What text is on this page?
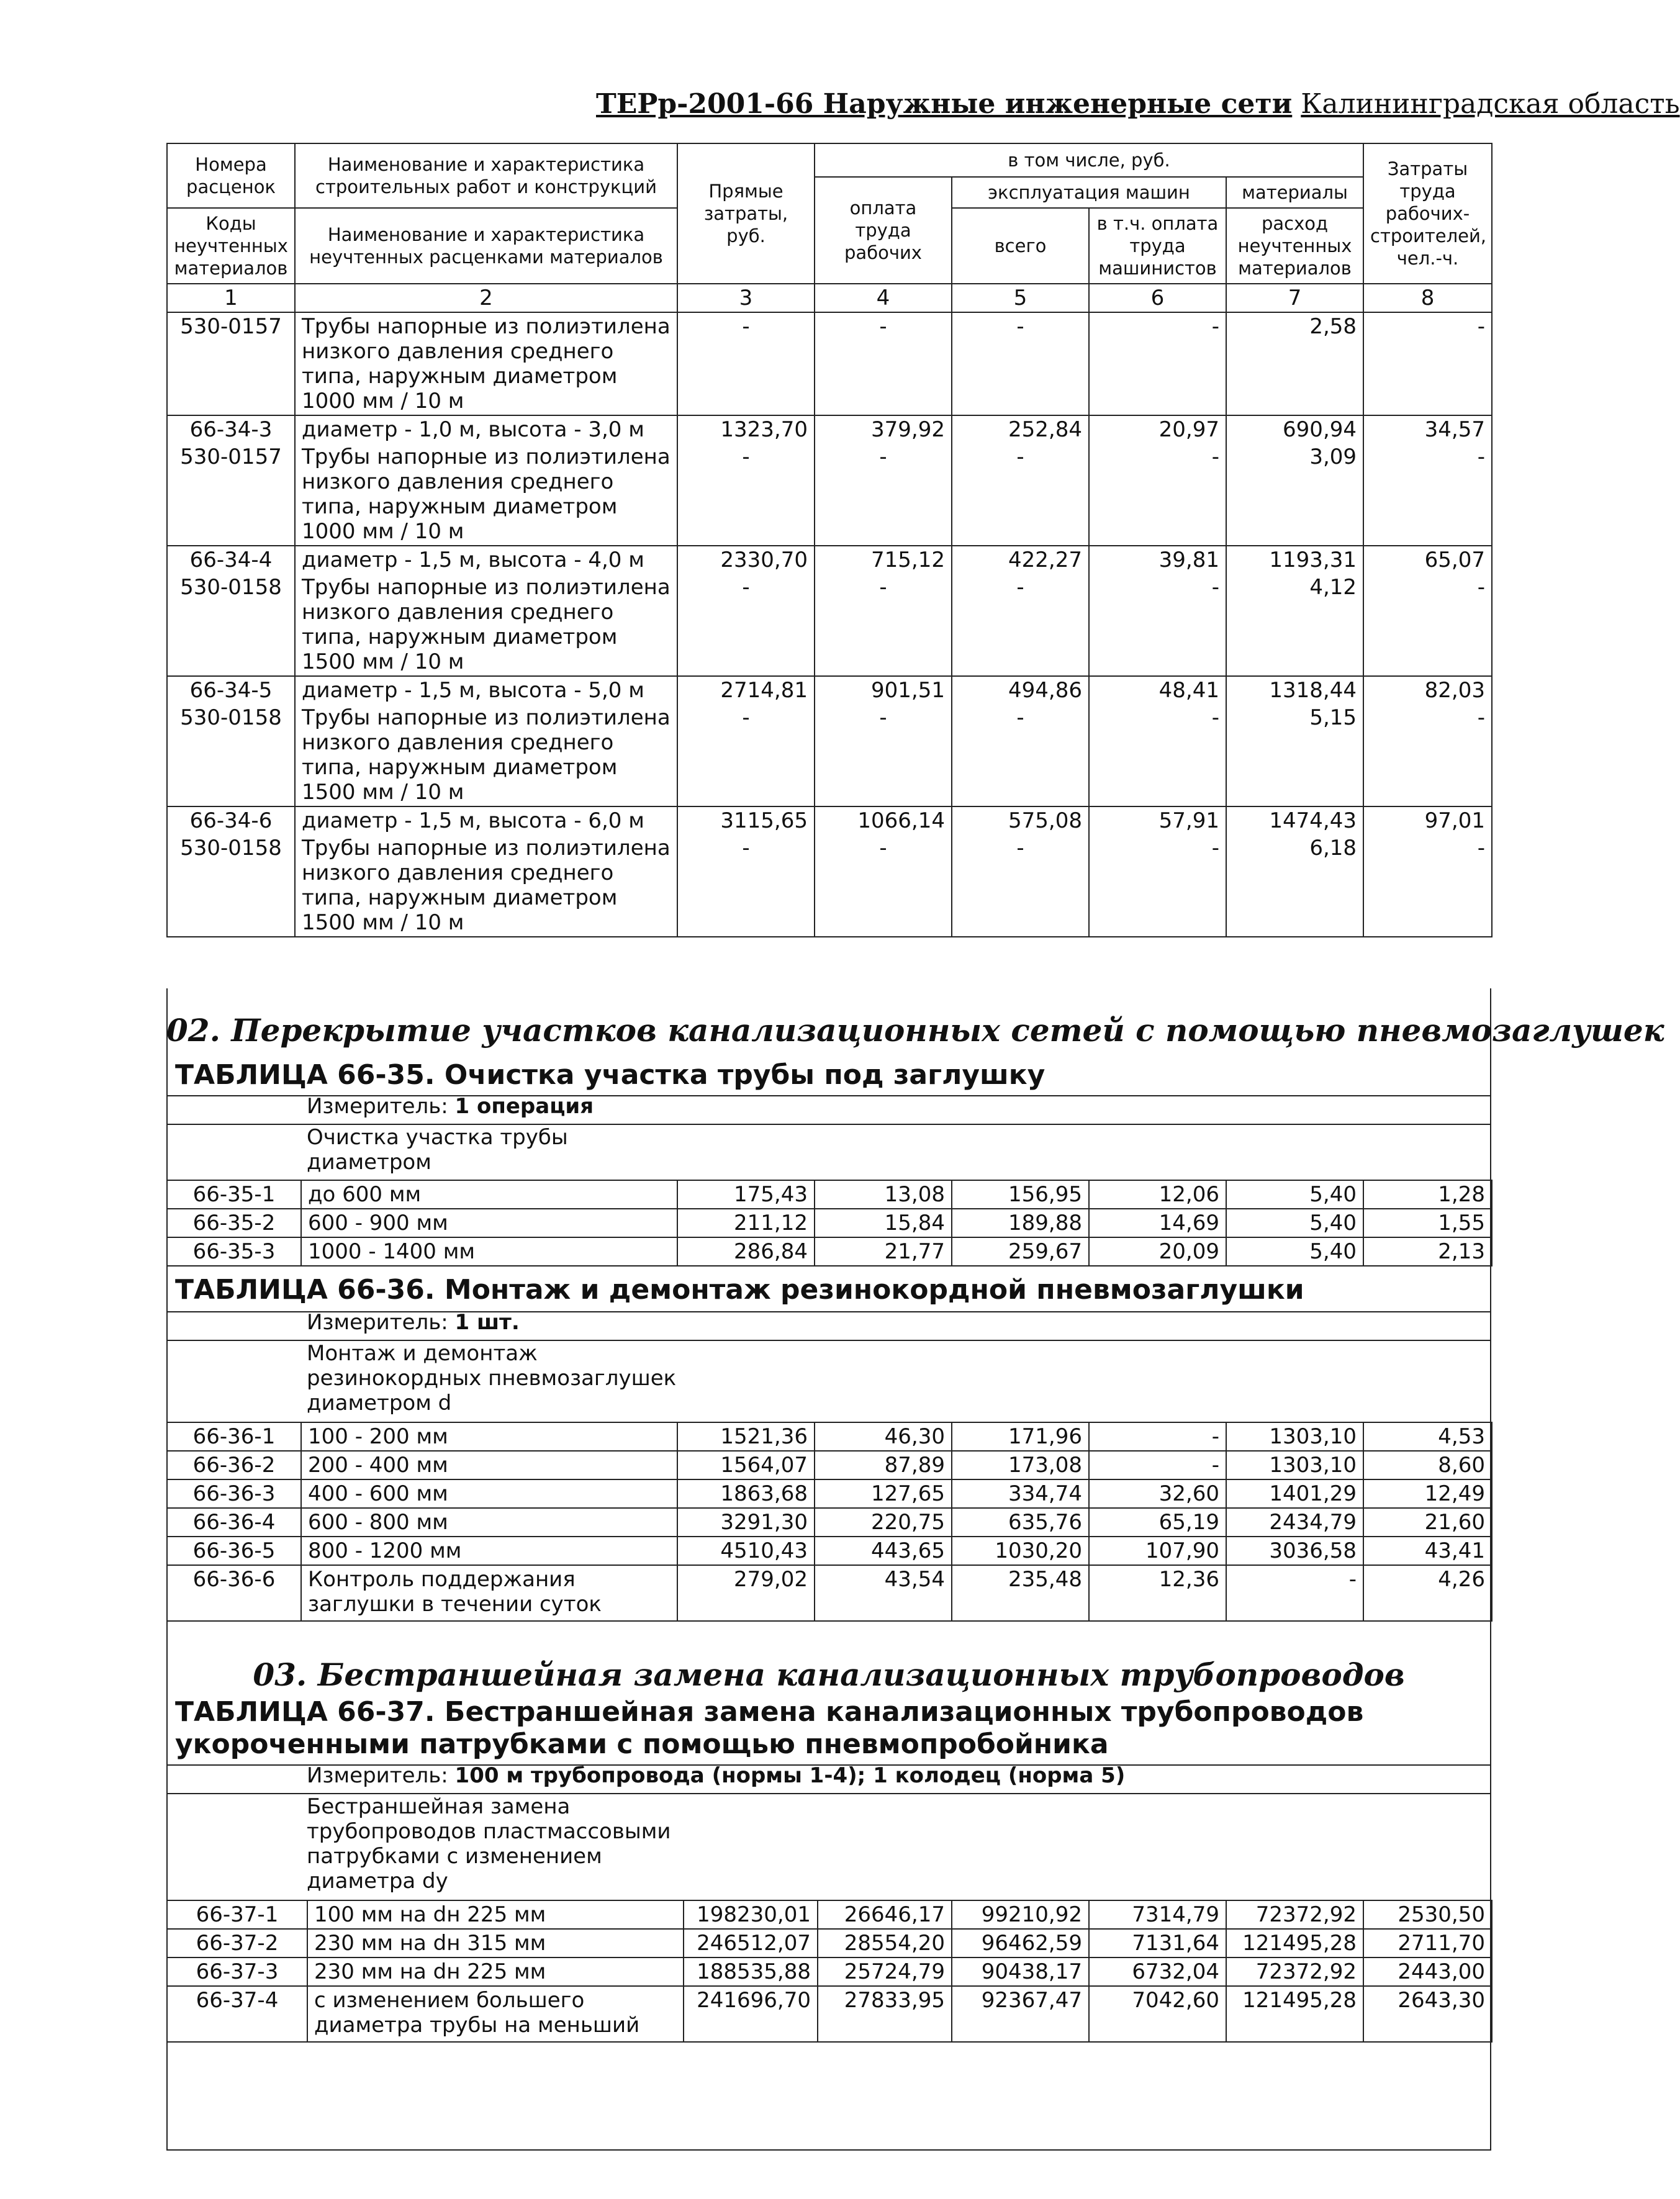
ТЕРр-2001-66 Наружные инженерные сети Калининградская область
Номера расценок	Наименование и характеристика строительных работ и конструкций	Прямые затраты, руб.	в том числе, руб.				Затраты труда рабочих-строителей, чел.-ч.
			оплата труда рабочих	эксплуатация машин		материалы	
Коды неучтенных материалов	Наименование и характеристика неучтенных расценками материалов			всего	в т.ч. оплата труда машинистов	расход неучтенных материалов	

1	2	3	4	5	6	7	8
530-0157	Трубы напорные из полиэтилена низкого давления среднего типа, наружным диаметром 1000 мм / 10 м	-	-	-	-	2,58	-
66-34-3	диаметр - 1,0 м, высота - 3,0 м	1323,70	379,92	252,84	20,97	690,94	34,57
530-0157	Трубы напорные из полиэтилена низкого давления среднего типа, наружным диаметром 1000 мм / 10 м	-	-	-	-	3,09	-
66-34-4	диаметр - 1,5 м, высота - 4,0 м	2330,70	715,12	422,27	39,81	1193,31	65,07
530-0158	Трубы напорные из полиэтилена низкого давления среднего типа, наружным диаметром 1500 мм / 10 м	-	-	-	-	4,12	-
66-34-5	диаметр - 1,5 м, высота - 5,0 м	2714,81	901,51	494,86	48,41	1318,44	82,03
530-0158	Трубы напорные из полиэтилена низкого давления среднего типа, наружным диаметром 1500 мм / 10 м	-	-	-	-	5,15	-
66-34-6	диаметр - 1,5 м, высота - 6,0 м	3115,65	1066,14	575,08	57,91	1474,43	97,01
530-0158	Трубы напорные из полиэтилена низкого давления среднего типа, наружным диаметром 1500 мм / 10 м	-	-	-	-	6,18	-
02. Перекрытие участков канализационных сетей с помощью пневмозаглушек
ТАБЛИЦА 66-35. Очистка участка трубы под заглушку
Измеритель: 1 операция
Очистка участка трубы диаметром
66-35-1	до 600 мм	175,43	13,08	156,95	12,06	5,40	1,28
66-35-2	600 - 900 мм	211,12	15,84	189,88	14,69	5,40	1,55
66-35-3	1000 - 1400 мм	286,84	21,77	259,67	20,09	5,40	2,13
ТАБЛИЦА 66-36. Монтаж и демонтаж резинокордной пневмозаглушки
Измеритель: 1 шт.
Монтаж и демонтаж резинокордных пневмозаглушек диаметром d
66-36-1	100 - 200 мм	1521,36	46,30	171,96	-	1303,10	4,53
66-36-2	200 - 400 мм	1564,07	87,89	173,08	-	1303,10	8,60
66-36-3	400 - 600 мм	1863,68	127,65	334,74	32,60	1401,29	12,49
66-36-4	600 - 800 мм	3291,30	220,75	635,76	65,19	2434,79	21,60
66-36-5	800 - 1200 мм	4510,43	443,65	1030,20	107,90	3036,58	43,41
66-36-6	Контроль поддержания заглушки в течении суток	279,02	43,54	235,48	12,36	-	4,26
03. Бестраншейная замена канализационных трубопроводов
ТАБЛИЦА 66-37. Бестраншейная замена канализационных трубопроводов укороченными патрубками с помощью пневмопробойника
Измеритель: 100 м трубопровода (нормы 1-4); 1 колодец (норма 5)
Бестраншейная замена трубопроводов пластмассовыми патрубками с изменением диаметра dy
66-37-1	100 мм на dн 225 мм	198230,01	26646,17	99210,92	7314,79	72372,92	2530,50
66-37-2	230 мм на dн 315 мм	246512,07	28554,20	96462,59	7131,64	121495,28	2711,70
66-37-3	230 мм на dн 225 мм	188535,88	25724,79	90438,17	6732,04	72372,92	2443,00
66-37-4	с изменением большего диаметра трубы на меньший	241696,70	27833,95	92367,47	7042,60	121495,28	2643,30
